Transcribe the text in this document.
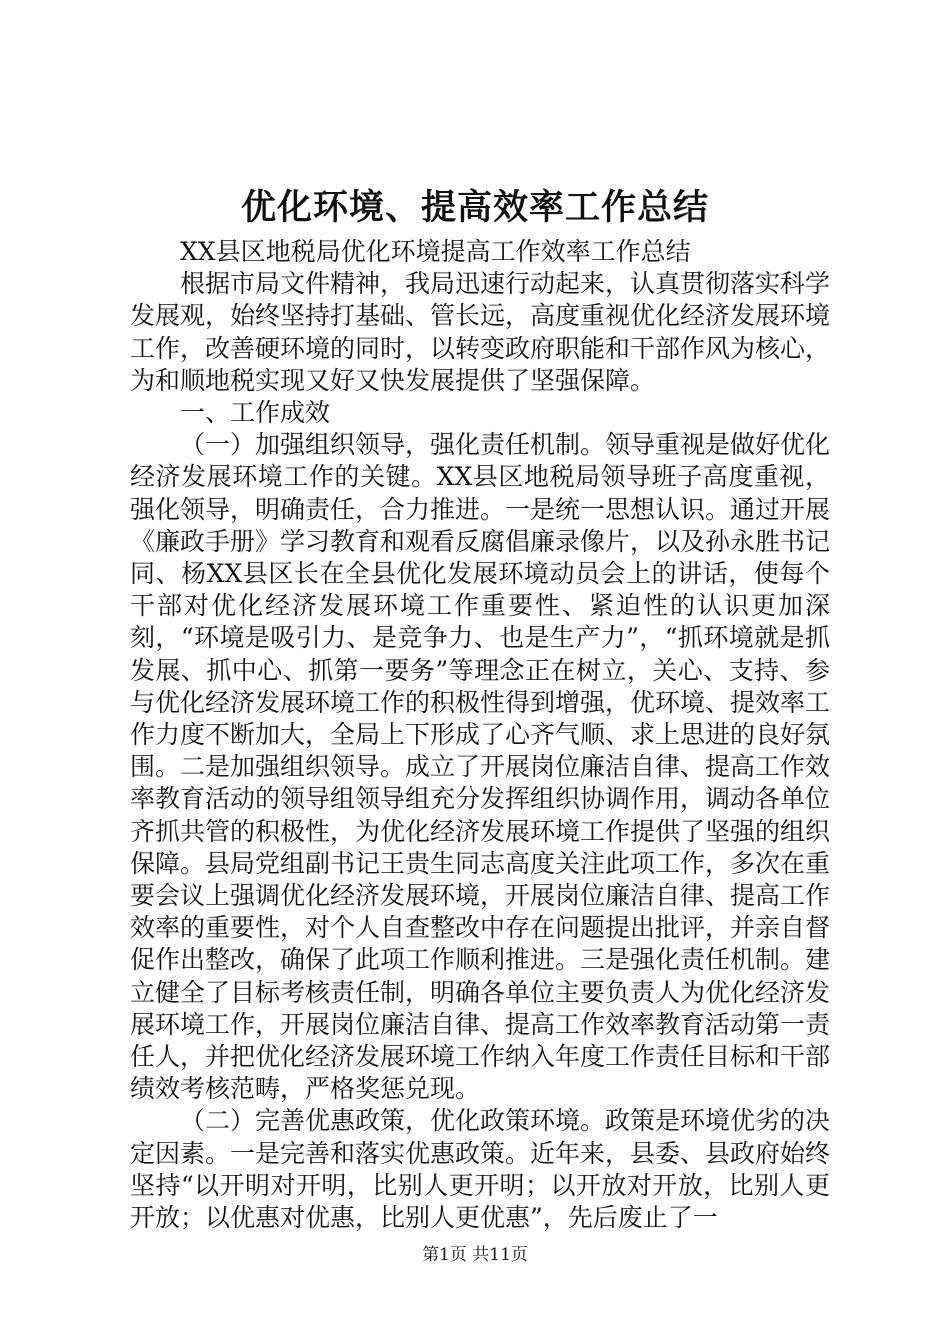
优化环境、提高效率工作总结

XX县区地税局优化环境提高工作效率工作总结

根据市局文件精神，我局迅速行动起来，认真贯彻落实科学发展观，始终坚持打基础、管长远，高度重视优化经济发展环境工作，改善硬环境的同时，以转变政府职能和干部作风为核心，为和顺地税实现又好又快发展提供了坚强保障。

一、工作成效

（一）加强组织领导，强化责任机制。领导重视是做好优化经济发展环境工作的关键。XX县区地税局领导班子高度重视，强化领导，明确责任，合力推进。一是统一思想认识。通过开展《廉政手册》学习教育和观看反腐倡廉录像片，以及孙永胜书记同、杨XX县区长在全县优化发展环境动员会上的讲话，使每个干部对优化经济发展环境工作重要性、紧迫性的认识更加深刻，“环境是吸引力、是竞争力、也是生产力”，“抓环境就是抓发展、抓中心、抓第一要务”等理念正在树立，关心、支持、参与优化经济发展环境工作的积极性得到增强，优环境、提效率工作力度不断加大，全局上下形成了心齐气顺、求上思进的良好氛围。二是加强组织领导。成立了开展岗位廉洁自律、提高工作效率教育活动的领导组领导组充分发挥组织协调作用，调动各单位齐抓共管的积极性，为优化经济发展环境工作提供了坚强的组织保障。县局党组副书记王贵生同志高度关注此项工作，多次在重要会议上强调优化经济发展环境，开展岗位廉洁自律、提高工作效率的重要性，对个人自查整改中存在问题提出批评，并亲自督促作出整改，确保了此项工作顺利推进。三是强化责任机制。建立健全了目标考核责任制，明确各单位主要负责人为优化经济发展环境工作，开展岗位廉洁自律、提高工作效率教育活动第一责任人，并把优化经济发展环境工作纳入年度工作责任目标和干部绩效考核范畴，严格奖惩兑现。

（二）完善优惠政策，优化政策环境。政策是环境优劣的决定因素。一是完善和落实优惠政策。近年来，县委、县政府始终坚持“以开明对开明，比别人更开明；以开放对开放，比别人更开放；以优惠对优惠，比别人更优惠”，先后废止了一

第1页 共11页
